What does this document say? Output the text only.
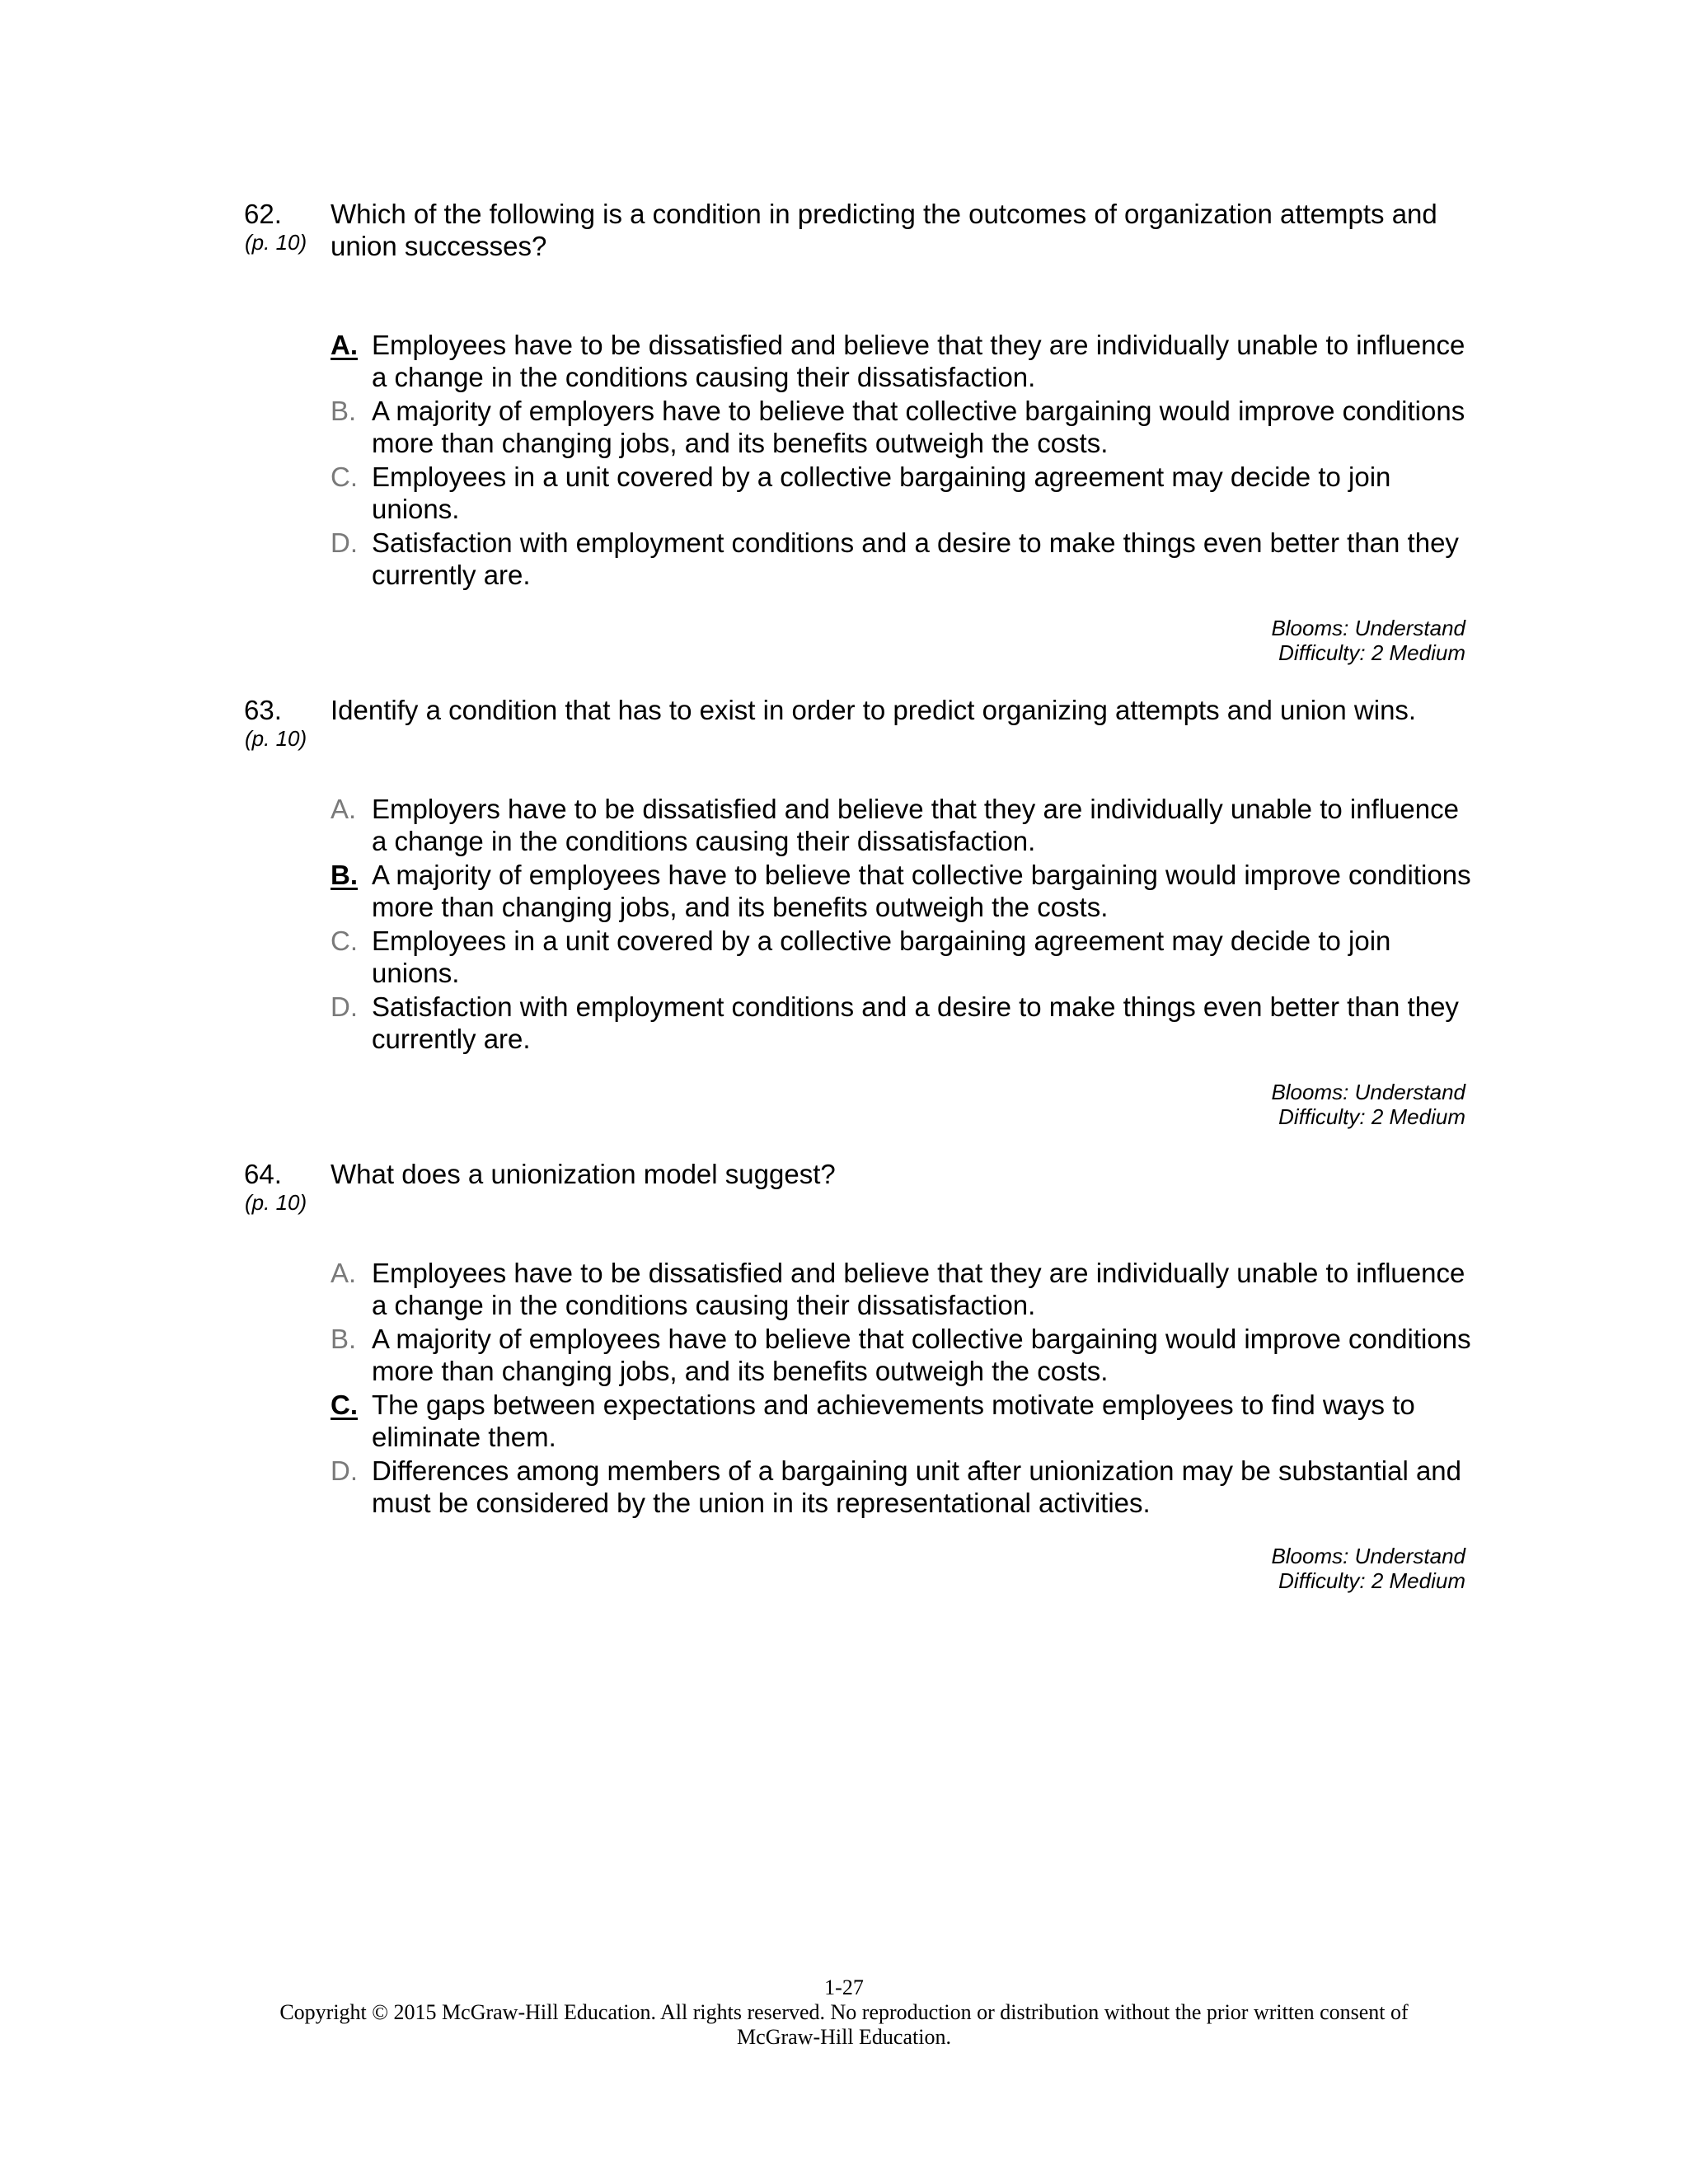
62.
(p. 10)
Which of the following is a condition in predicting the outcomes of organization attempts and union successes?
A. Employees have to be dissatisfied and believe that they are individually unable to influence a change in the conditions causing their dissatisfaction.
B. A majority of employers have to believe that collective bargaining would improve conditions more than changing jobs, and its benefits outweigh the costs.
C. Employees in a unit covered by a collective bargaining agreement may decide to join unions.
D. Satisfaction with employment conditions and a desire to make things even better than they currently are.
Blooms: Understand
Difficulty: 2 Medium
63.
(p. 10)
Identify a condition that has to exist in order to predict organizing attempts and union wins.
A. Employers have to be dissatisfied and believe that they are individually unable to influence a change in the conditions causing their dissatisfaction.
B. A majority of employees have to believe that collective bargaining would improve conditions more than changing jobs, and its benefits outweigh the costs.
C. Employees in a unit covered by a collective bargaining agreement may decide to join unions.
D. Satisfaction with employment conditions and a desire to make things even better than they currently are.
Blooms: Understand
Difficulty: 2 Medium
64.
(p. 10)
What does a unionization model suggest?
A. Employees have to be dissatisfied and believe that they are individually unable to influence a change in the conditions causing their dissatisfaction.
B. A majority of employees have to believe that collective bargaining would improve conditions more than changing jobs, and its benefits outweigh the costs.
C. The gaps between expectations and achievements motivate employees to find ways to eliminate them.
D. Differences among members of a bargaining unit after unionization may be substantial and must be considered by the union in its representational activities.
Blooms: Understand
Difficulty: 2 Medium
1-27
Copyright © 2015 McGraw-Hill Education. All rights reserved. No reproduction or distribution without the prior written consent of
McGraw-Hill Education.
